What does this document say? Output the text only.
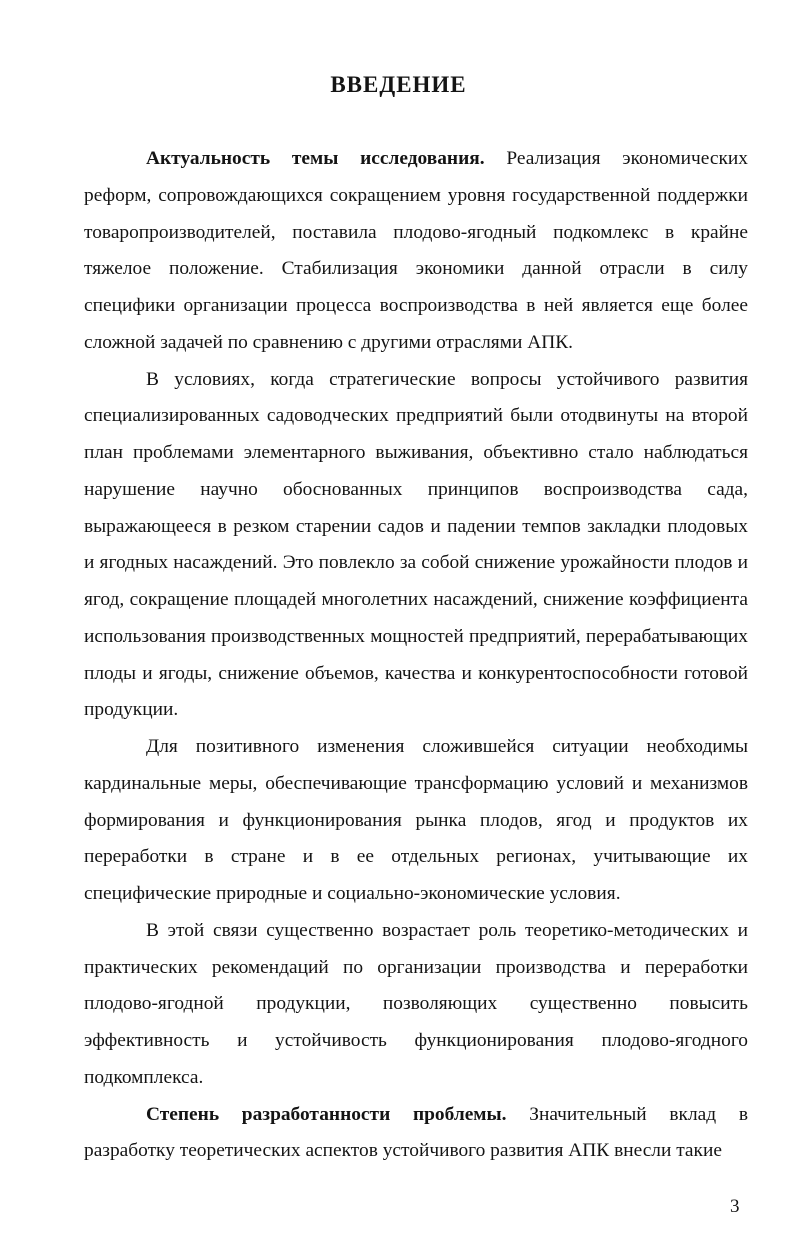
ВВЕДЕНИЕ

Актуальность темы исследования. Реализация экономических реформ, сопровождающихся сокращением уровня государственной поддержки товаропроизводителей, поставила плодово-ягодный подкомлекс в крайне тяжелое положение. Стабилизация экономики данной отрасли в силу специфики организации процесса воспроизводства в ней является еще более сложной задачей по сравнению с другими отраслями АПК.

В условиях, когда стратегические вопросы устойчивого развития специализированных садоводческих предприятий были отодвинуты на второй план проблемами элементарного выживания, объективно стало наблюдаться нарушение научно обоснованных принципов воспроизводства сада, выражающееся в резком старении садов и падении темпов закладки плодовых и ягодных насаждений. Это повлекло за собой снижение урожайности плодов и ягод, сокращение площадей многолетних насаждений, снижение коэффициента использования производственных мощностей предприятий, перерабатывающих плоды и ягоды, снижение объемов, качества и конкурентоспособности готовой продукции.

Для позитивного изменения сложившейся ситуации необходимы кардинальные меры, обеспечивающие трансформацию условий и механизмов формирования и функционирования рынка плодов, ягод и продуктов их переработки в стране и в ее отдельных регионах, учитывающие их специфические природные и социально-экономические условия.

В этой связи существенно возрастает роль теоретико-методических и практических рекомендаций по организации производства и переработки плодово-ягодной продукции, позволяющих существенно повысить эффективность и устойчивость функционирования плодово-ягодного подкомплекса.

Степень разработанности проблемы. Значительный вклад в разработку теоретических аспектов устойчивого развития АПК внесли такие

3
